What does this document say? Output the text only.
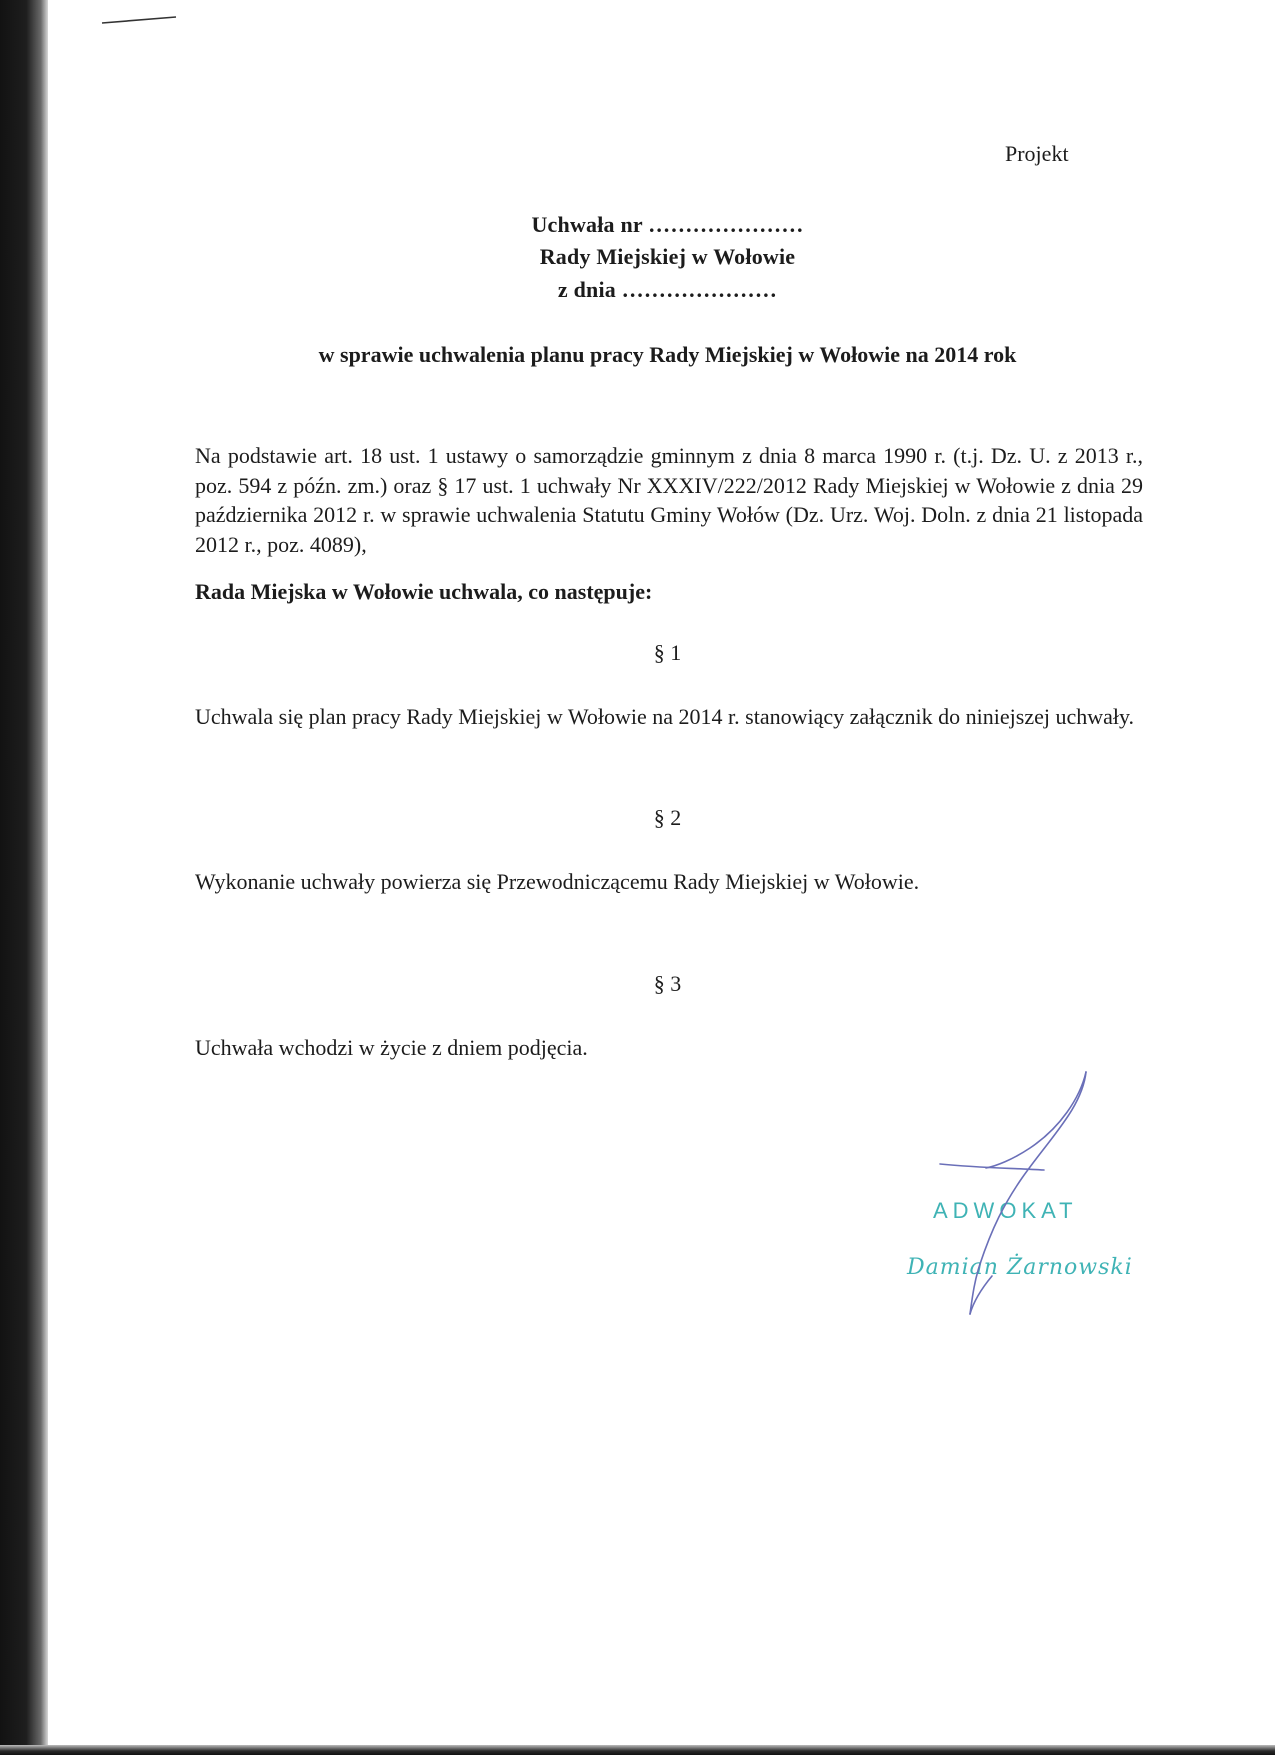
Projekt
Uchwała nr …………………
Rady Miejskiej w Wołowie
z dnia …………………
w sprawie uchwalenia planu pracy Rady Miejskiej w Wołowie na 2014 rok
Na podstawie art. 18 ust. 1 ustawy o samorządzie gminnym z dnia 8 marca 1990 r. (t.j. Dz. U. z 2013 r., poz. 594 z późn. zm.) oraz § 17 ust. 1 uchwały Nr XXXIV/222/2012 Rady Miejskiej w Wołowie z dnia 29 października 2012 r. w sprawie uchwalenia Statutu Gminy Wołów (Dz. Urz. Woj. Doln. z dnia 21 listopada 2012 r., poz. 4089),
Rada Miejska w Wołowie uchwala, co następuje:
§ 1
Uchwala się plan pracy Rady Miejskiej w Wołowie na 2014 r. stanowiący załącznik do niniejszej uchwały.
§ 2
Wykonanie uchwały powierza się Przewodniczącemu Rady Miejskiej w Wołowie.
§ 3
Uchwała wchodzi w życie z dniem podjęcia.
ADWOKAT
Damian Żarnowski
